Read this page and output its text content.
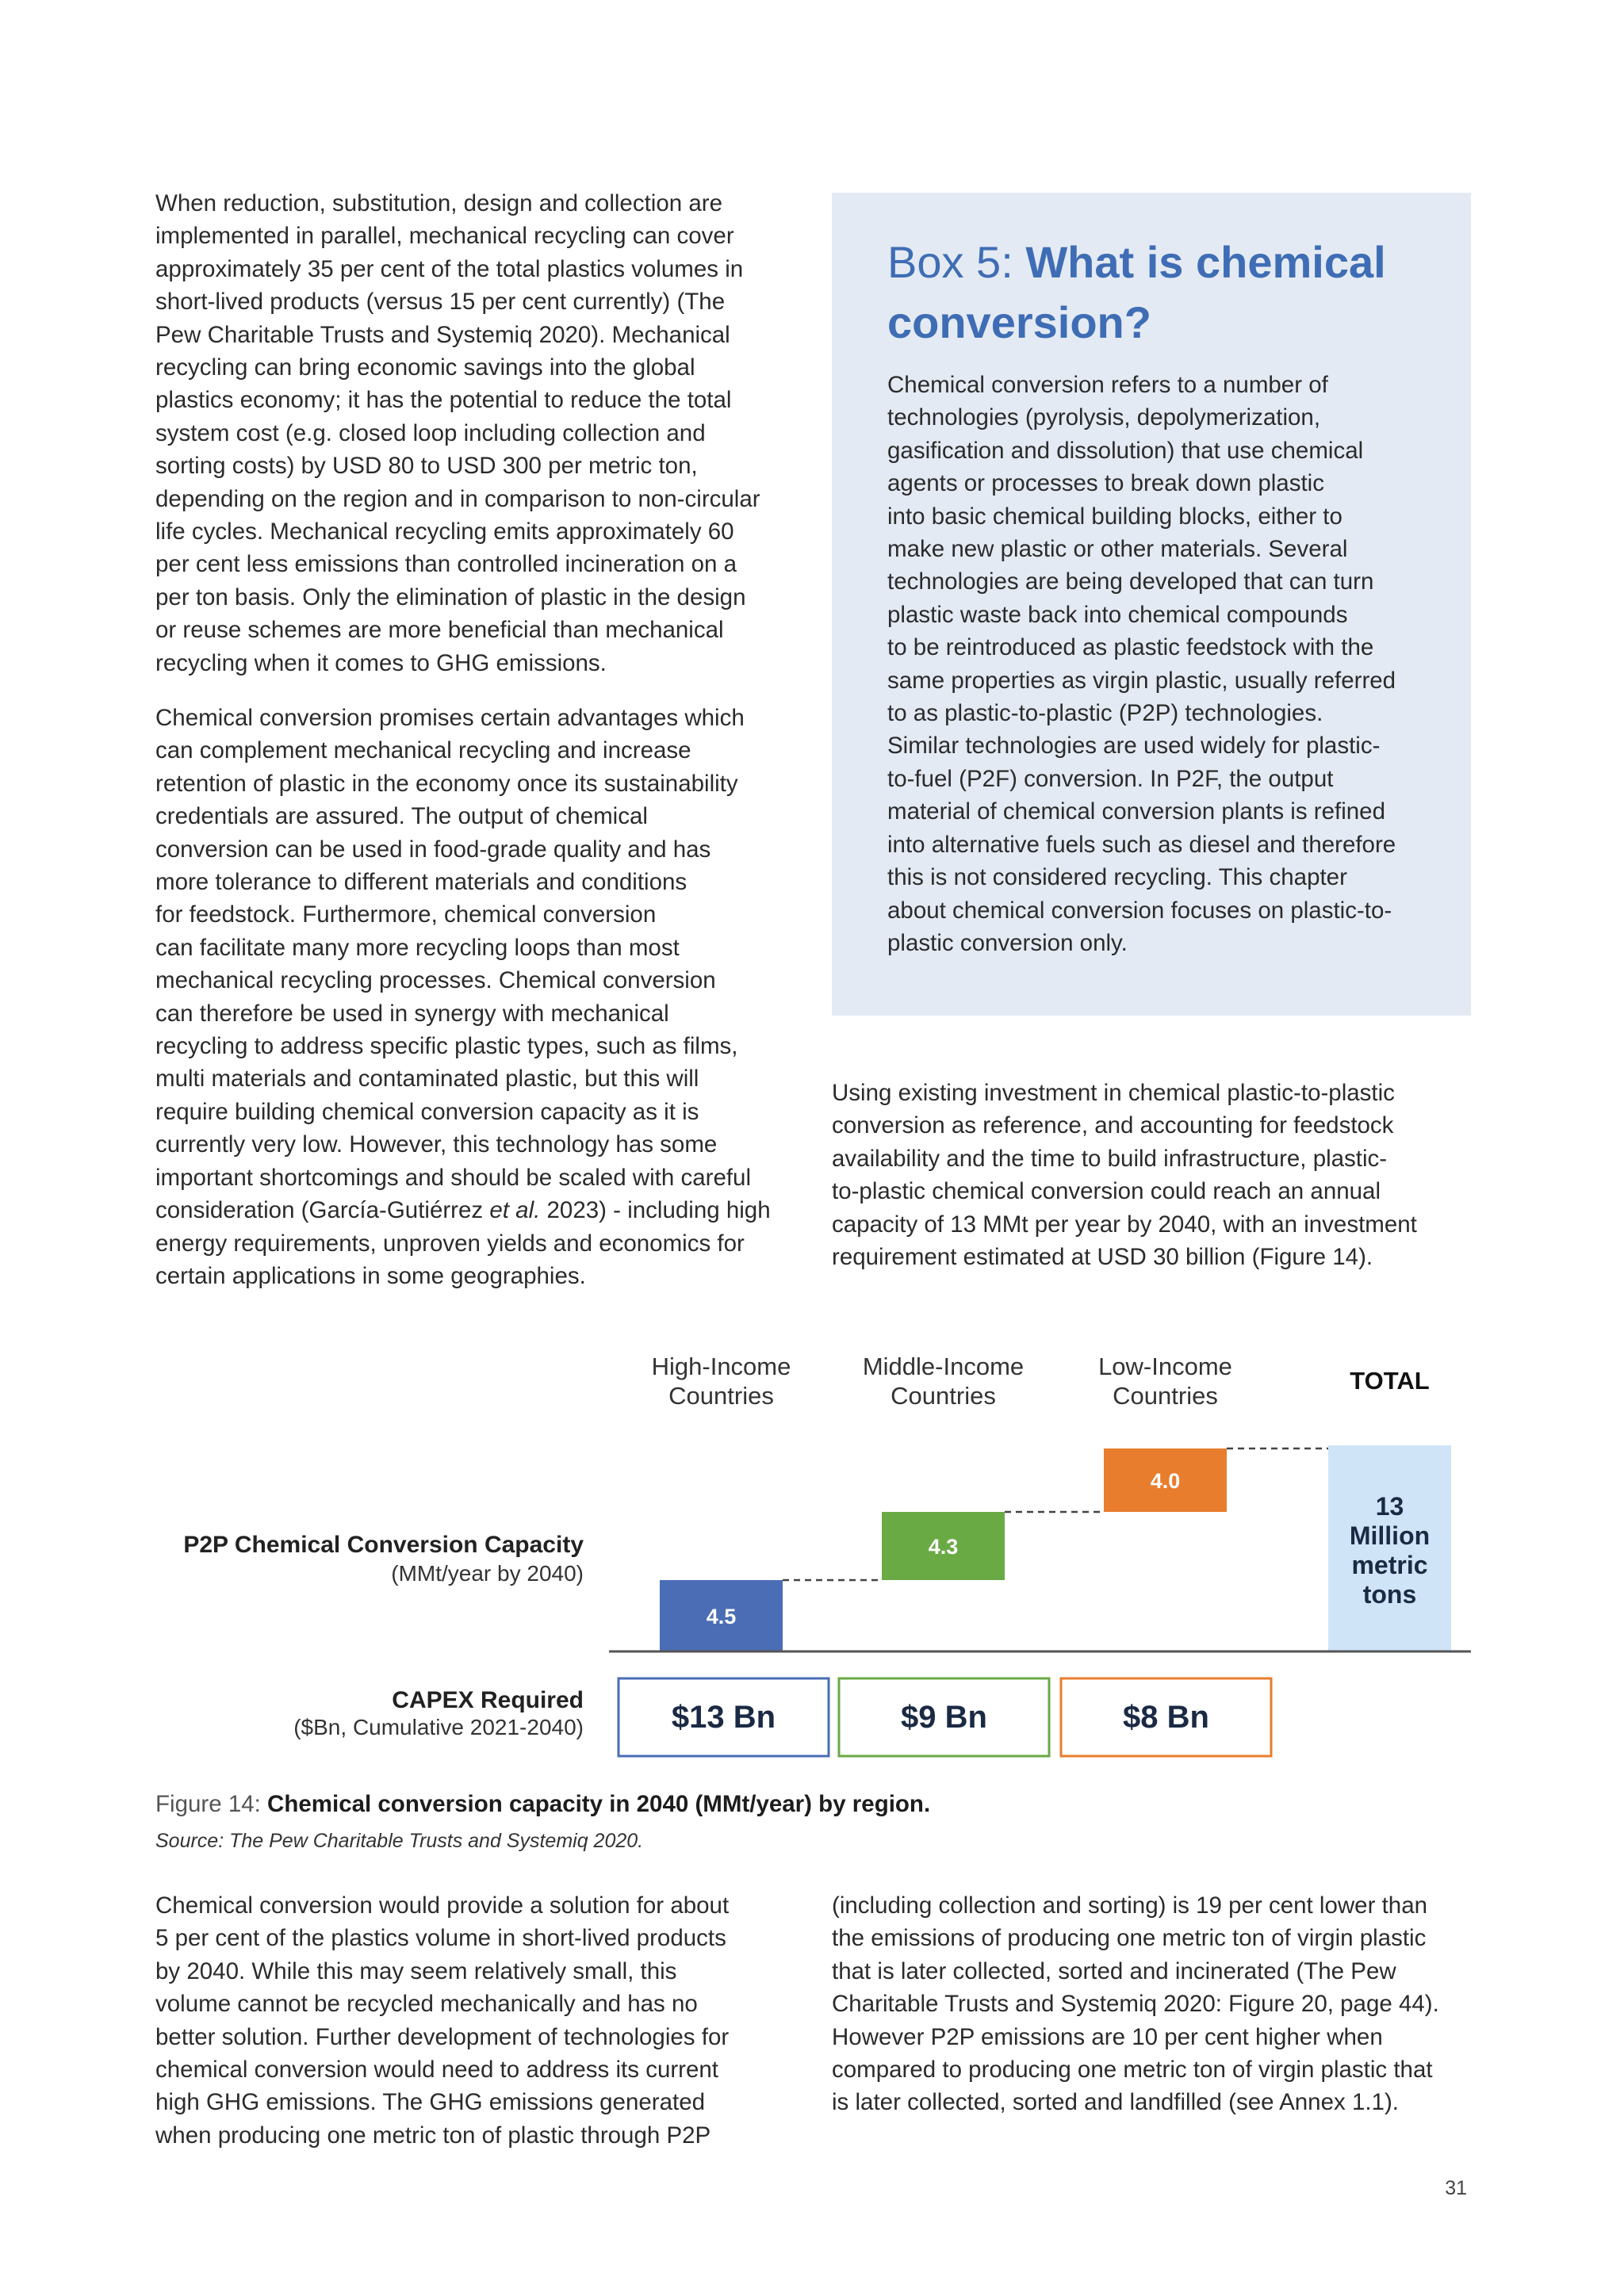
When reduction, substitution, design and collection are
implemented in parallel, mechanical recycling can cover
approximately 35 per cent of the total plastics volumes in
short-lived products (versus 15 per cent currently) (The
Pew Charitable Trusts and Systemiq 2020). Mechanical
recycling can bring economic savings into the global
plastics economy; it has the potential to reduce the total
system cost (e.g. closed loop including collection and
sorting costs) by USD 80 to USD 300 per metric ton,
depending on the region and in comparison to non-circular
life cycles. Mechanical recycling emits approximately 60
per cent less emissions than controlled incineration on a
per ton basis. Only the elimination of plastic in the design
or reuse schemes are more beneficial than mechanical
recycling when it comes to GHG emissions.

Chemical conversion promises certain advantages which
can complement mechanical recycling and increase
retention of plastic in the economy once its sustainability
credentials are assured. The output of chemical
conversion can be used in food-grade quality and has
more tolerance to different materials and conditions
for feedstock. Furthermore, chemical conversion
can facilitate many more recycling loops than most
mechanical recycling processes. Chemical conversion
can therefore be used in synergy with mechanical
recycling to address specific plastic types, such as films,
multi materials and contaminated plastic, but this will
require building chemical conversion capacity as it is
currently very low. However, this technology has some
important shortcomings and should be scaled with careful
consideration (García-Gutiérrez et al. 2023) - including high
energy requirements, unproven yields and economics for
certain applications in some geographies.

Box 5: What is chemical conversion?

Chemical conversion refers to a number of
technologies (pyrolysis, depolymerization,
gasification and dissolution) that use chemical
agents or processes to break down plastic
into basic chemical building blocks, either to
make new plastic or other materials. Several
technologies are being developed that can turn
plastic waste back into chemical compounds
to be reintroduced as plastic feedstock with the
same properties as virgin plastic, usually referred
to as plastic-to-plastic (P2P) technologies.
Similar technologies are used widely for plastic-
to-fuel (P2F) conversion. In P2F, the output
material of chemical conversion plants is refined
into alternative fuels such as diesel and therefore
this is not considered recycling. This chapter
about chemical conversion focuses on plastic-to-
plastic conversion only.

Using existing investment in chemical plastic-to-plastic
conversion as reference, and accounting for feedstock
availability and the time to build infrastructure, plastic-
to-plastic chemical conversion could reach an annual
capacity of 13 MMt per year by 2040, with an investment
requirement estimated at USD 30 billion (Figure 14).

P2P Chemical Conversion Capacity
(MMt/year by 2040)
CAPEX Required
($Bn, Cumulative 2021-2040)
High-Income
Countries
Middle-Income
Countries
Low-Income
Countries
TOTAL
4.5
4.3
4.0
13
Million
metric
tons
$13 Bn	$9 Bn	$8 Bn

Figure 14: Chemical conversion capacity in 2040 (MMt/year) by region.

Source: The Pew Charitable Trusts and Systemiq 2020.

Chemical conversion would provide a solution for about
5 per cent of the plastics volume in short-lived products
by 2040. While this may seem relatively small, this
volume cannot be recycled mechanically and has no
better solution. Further development of technologies for
chemical conversion would need to address its current
high GHG emissions. The GHG emissions generated
when producing one metric ton of plastic through P2P

(including collection and sorting) is 19 per cent lower than
the emissions of producing one metric ton of virgin plastic
that is later collected, sorted and incinerated (The Pew
Charitable Trusts and Systemiq 2020: Figure 20, page 44).
However P2P emissions are 10 per cent higher when
compared to producing one metric ton of virgin plastic that
is later collected, sorted and landfilled (see Annex 1.1).

31
